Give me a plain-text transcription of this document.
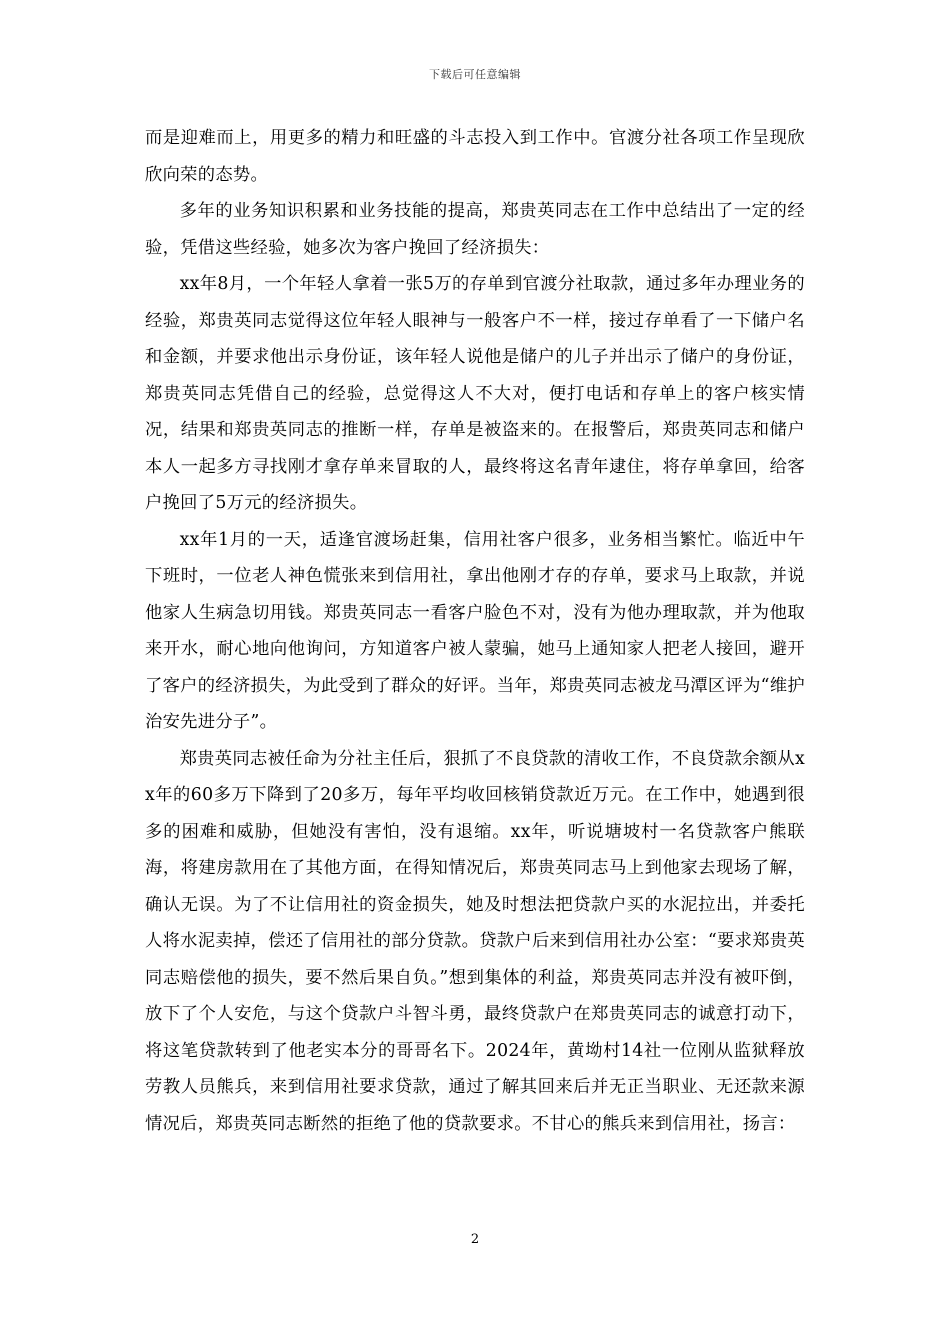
下载后可任意编辑

而是迎难而上，用更多的精力和旺盛的斗志投入到工作中。官渡分社各项工作呈现欣欣向荣的态势。

多年的业务知识积累和业务技能的提高，郑贵英同志在工作中总结出了一定的经验，凭借这些经验，她多次为客户挽回了经济损失：

xx年8月，一个年轻人拿着一张5万的存单到官渡分社取款，通过多年办理业务的经验，郑贵英同志觉得这位年轻人眼神与一般客户不一样，接过存单看了一下储户名和金额，并要求他出示身份证，该年轻人说他是储户的儿子并出示了储户的身份证，郑贵英同志凭借自己的经验，总觉得这人不大对，便打电话和存单上的客户核实情况，结果和郑贵英同志的推断一样，存单是被盗来的。在报警后，郑贵英同志和储户本人一起多方寻找刚才拿存单来冒取的人，最终将这名青年逮住，将存单拿回，给客户挽回了5万元的经济损失。

xx年1月的一天，适逢官渡场赶集，信用社客户很多，业务相当繁忙。临近中午下班时，一位老人神色慌张来到信用社，拿出他刚才存的存单，要求马上取款，并说他家人生病急切用钱。郑贵英同志一看客户脸色不对，没有为他办理取款，并为他取来开水，耐心地向他询问，方知道客户被人蒙骗，她马上通知家人把老人接回，避开了客户的经济损失，为此受到了群众的好评。当年，郑贵英同志被龙马潭区评为“维护治安先进分子”。

郑贵英同志被任命为分社主任后，狠抓了不良贷款的清收工作，不良贷款余额从xx年的60多万下降到了20多万，每年平均收回核销贷款近万元。在工作中，她遇到很多的困难和威胁，但她没有害怕，没有退缩。xx年，听说塘坡村一名贷款客户熊联海，将建房款用在了其他方面，在得知情况后，郑贵英同志马上到他家去现场了解，确认无误。为了不让信用社的资金损失，她及时想法把贷款户买的水泥拉出，并委托人将水泥卖掉，偿还了信用社的部分贷款。贷款户后来到信用社办公室：“要求郑贵英同志赔偿他的损失，要不然后果自负。”想到集体的利益，郑贵英同志并没有被吓倒，放下了个人安危，与这个贷款户斗智斗勇，最终贷款户在郑贵英同志的诚意打动下，将这笔贷款转到了他老实本分的哥哥名下。2024年，黄坳村14社一位刚从监狱释放劳教人员熊兵，来到信用社要求贷款，通过了解其回来后并无正当职业、无还款来源情况后，郑贵英同志断然的拒绝了他的贷款要求。不甘心的熊兵来到信用社，扬言：

2
